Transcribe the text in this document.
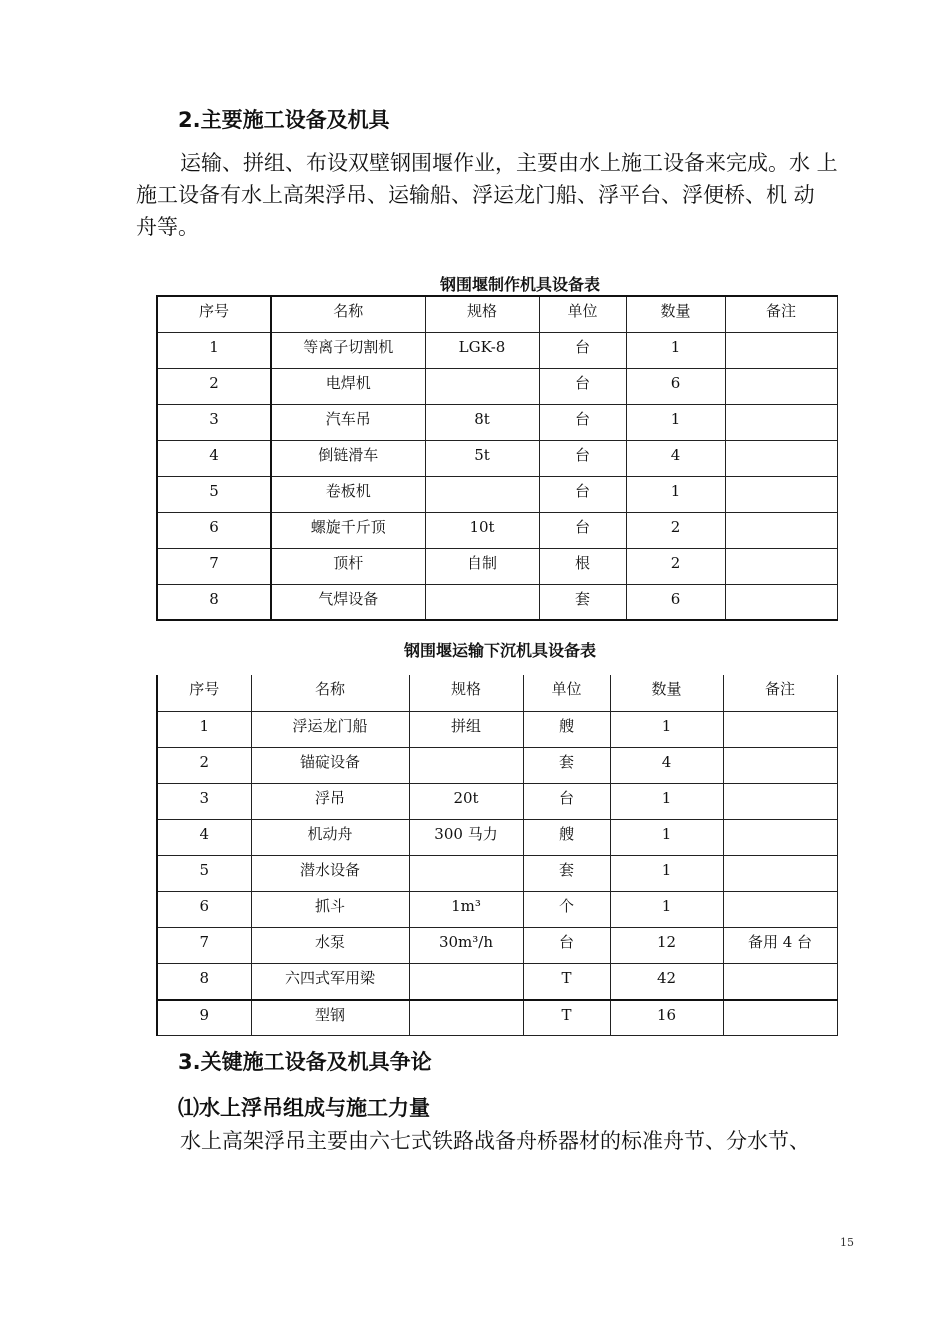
2.主要施工设备及机具
运输、拼组、布设双壁钢围堰作业，主要由水上施工设备来完成。水 上
施工设备有水上高架浮吊、运输船、浮运龙门船、浮平台、浮便桥、机 动
舟等。
钢围堰制作机具设备表
序号	名称	规格	单位	数量	备注
1	等离子切割机	LGK-8	台	1	
2	电焊机		台	6	
3	汽车吊	8t	台	1	
4	倒链滑车	5t	台	4	
5	卷板机		台	1	
6	螺旋千斤顶	10t	台	2	
7	顶杆	自制	根	2	
8	气焊设备		套	6	
钢围堰运输下沉机具设备表
序号	名称	规格	单位	数量	备注
1	浮运龙门船	拼组	艘	1	
2	锚碇设备		套	4	
3	浮吊	20t	台	1	
4	机动舟	300 马力	艘	1	
5	潜水设备		套	1	
6	抓斗	1m³	个	1	
7	水泵	30m³/h	台	12	备用 4 台
8	六四式军用梁		T	42	
9	型钢		T	16	
3.关键施工设备及机具争论
⑴水上浮吊组成与施工力量
水上高架浮吊主要由六七式铁路战备舟桥器材的标准舟节、分水节、
15
